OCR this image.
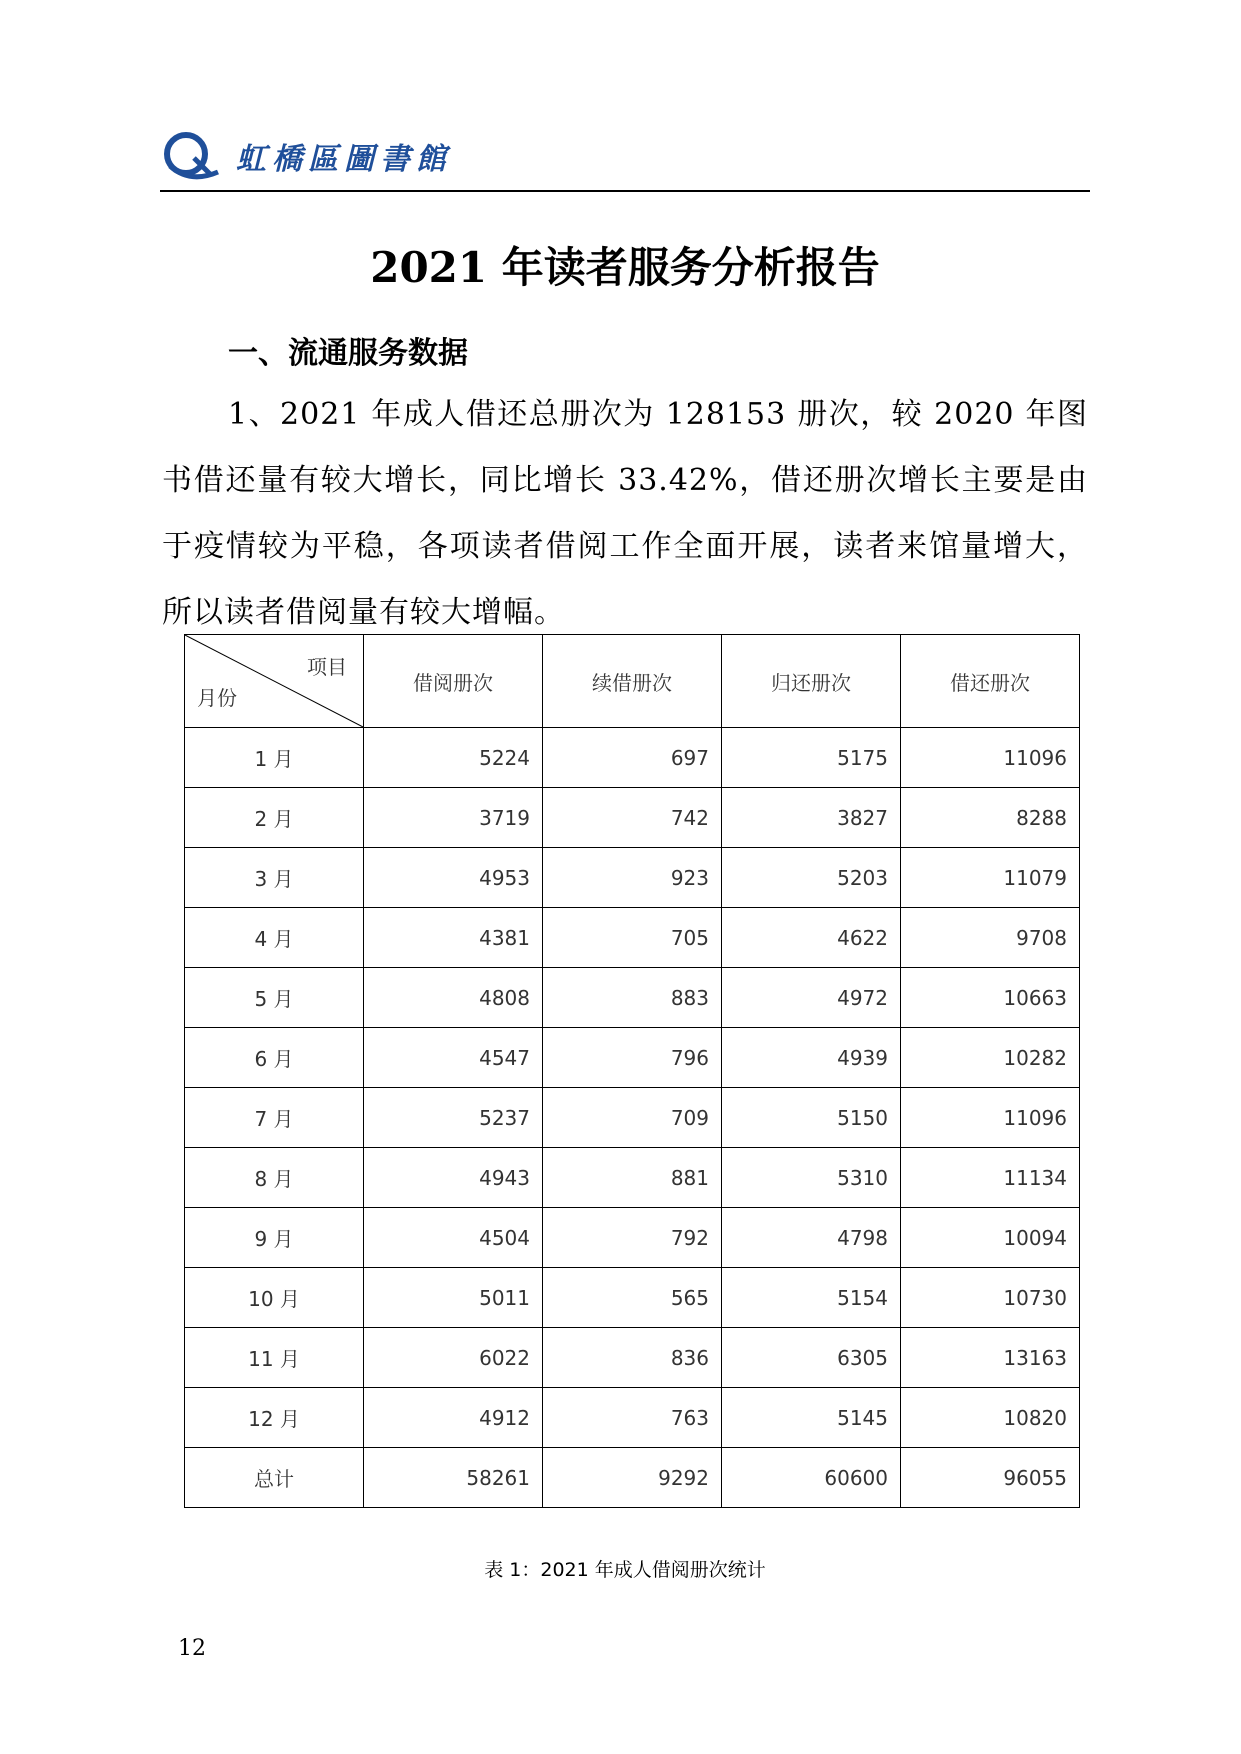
虹橋區圖書館
2021 年读者服务分析报告
一、流通服务数据
1、2021 年成人借还总册次为 128153 册次，较 2020 年图书借还量有较大增长，同比增长 33.42%，借还册次增长主要是由于疫情较为平稳，各项读者借阅工作全面开展，读者来馆量增大，所以读者借阅量有较大增幅。
项目
月份	借阅册次	续借册次	归还册次	借还册次
1 月	5224	697	5175	11096
2 月	3719	742	3827	8288
3 月	4953	923	5203	11079
4 月	4381	705	4622	9708
5 月	4808	883	4972	10663
6 月	4547	796	4939	10282
7 月	5237	709	5150	11096
8 月	4943	881	5310	11134
9 月	4504	792	4798	10094
10 月	5011	565	5154	10730
11 月	6022	836	6305	13163
12 月	4912	763	5145	10820
总计	58261	9292	60600	96055
表 1：2021 年成人借阅册次统计
12
